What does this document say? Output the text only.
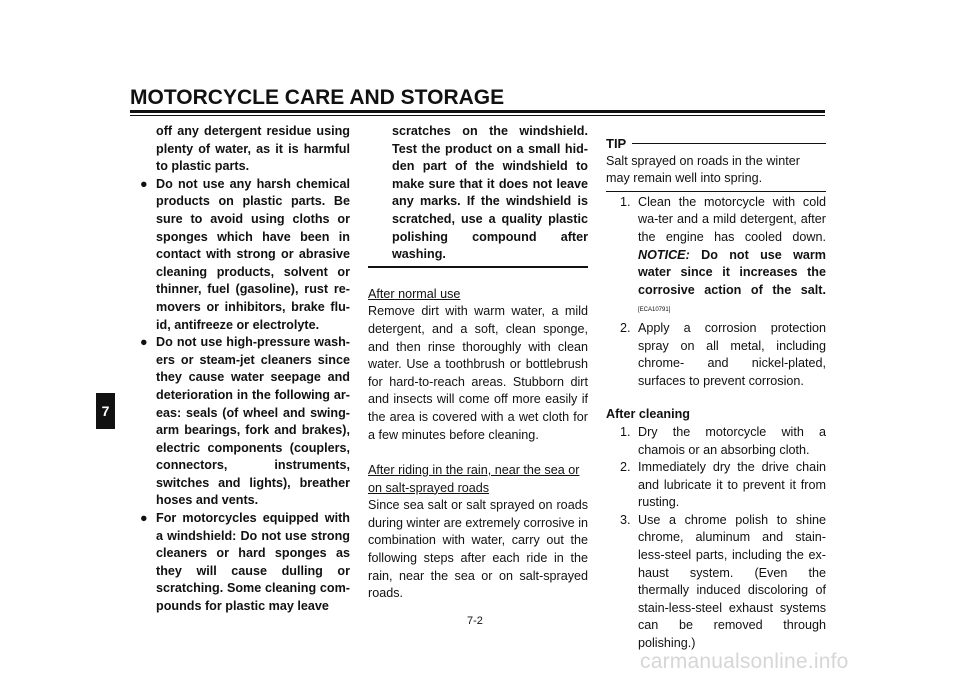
MOTORCYCLE CARE AND STORAGE
7
off any detergent residue using plenty of water, as it is harmful to plastic parts.
● Do not use any harsh chemical products on plastic parts. Be sure to avoid using cloths or sponges which have been in contact with strong or abrasive cleaning products, solvent or thinner, fuel (gasoline), rust re-movers or inhibitors, brake flu-id, antifreeze or electrolyte.
● Do not use high-pressure wash-ers or steam-jet cleaners since they cause water seepage and deterioration in the following ar-eas: seals (of wheel and swing-arm bearings, fork and brakes), electric components (couplers, connectors, instruments, switches and lights), breather hoses and vents.
● For motorcycles equipped with a windshield: Do not use strong cleaners or hard sponges as they will cause dulling or scratching. Some cleaning com-pounds for plastic may leave
scratches on the windshield. Test the product on a small hid-den part of the windshield to make sure that it does not leave any marks. If the windshield is scratched, use a quality plastic polishing compound after washing.
After normal use
Remove dirt with warm water, a mild detergent, and a soft, clean sponge, and then rinse thoroughly with clean water. Use a toothbrush or bottlebrush for hard-to-reach areas. Stubborn dirt and insects will come off more easily if the area is covered with a wet cloth for a few minutes before cleaning.
After riding in the rain, near the sea or on salt-sprayed roads
Since sea salt or salt sprayed on roads during winter are extremely corrosive in combination with water, carry out the following steps after each ride in the rain, near the sea or on salt-sprayed roads.
TIP
Salt sprayed on roads in the winter may remain well into spring.
1. Clean the motorcycle with cold wa-ter and a mild detergent, after the engine has cooled down. NOTICE: Do not use warm water since it increases the corrosive action of the salt.[ECA10791]
2. Apply a corrosion protection spray on all metal, including chrome- and nickel-plated, surfaces to prevent corrosion.
After cleaning
1. Dry the motorcycle with a chamois or an absorbing cloth.
2. Immediately dry the drive chain and lubricate it to prevent it from rusting.
3. Use a chrome polish to shine chrome, aluminum and stain-less-steel parts, including the ex-haust system. (Even the thermally induced discoloring of stain-less-steel exhaust systems can be removed through polishing.)
7-2
carmanualsonline.info
